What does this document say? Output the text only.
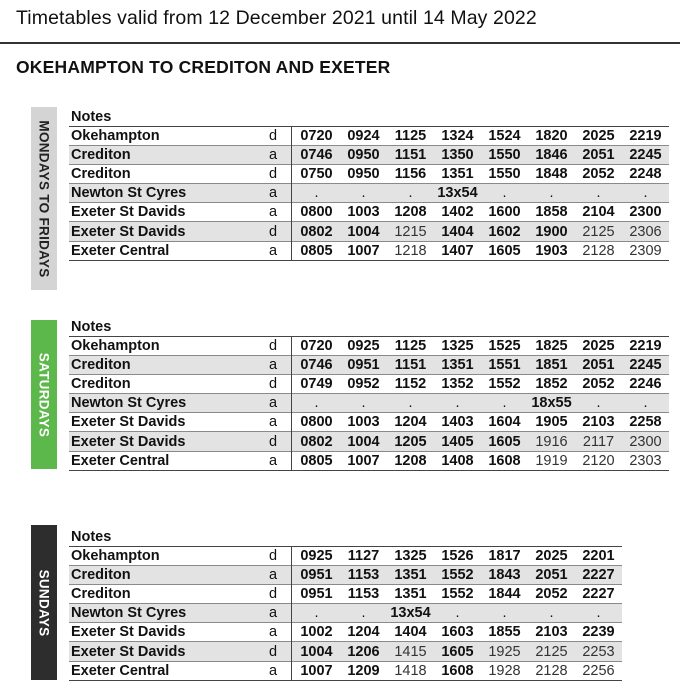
Timetables valid from 12 December 2021 until 14 May 2022
OKEHAMPTON TO CREDITON AND EXETER
MONDAYS TO FRIDAYS
Notes
Okehampton	d		0720	0924	1125	1324	1524	1820	2025	2219
Crediton	a		0746	0950	1151	1350	1550	1846	2051	2245
Crediton	d		0750	0950	1156	1351	1550	1848	2052	2248
Newton St Cyres	a		.	.	.	13x54	.	.	.	.
Exeter St Davids	a		0800	1003	1208	1402	1600	1858	2104	2300
Exeter St Davids	d		0802	1004	1215	1404	1602	1900	2125	2306
Exeter Central	a		0805	1007	1218	1407	1605	1903	2128	2309
SATURDAYS
Notes
Okehampton	d		0720	0925	1125	1325	1525	1825	2025	2219
Crediton	a		0746	0951	1151	1351	1551	1851	2051	2245
Crediton	d		0749	0952	1152	1352	1552	1852	2052	2246
Newton St Cyres	a		.	.	.	.	.	18x55	.	.
Exeter St Davids	a		0800	1003	1204	1403	1604	1905	2103	2258
Exeter St Davids	d		0802	1004	1205	1405	1605	1916	2117	2300
Exeter Central	a		0805	1007	1208	1408	1608	1919	2120	2303
SUNDAYS
Notes
Okehampton	d		0925	1127	1325	1526	1817	2025	2201
Crediton	a		0951	1153	1351	1552	1843	2051	2227
Crediton	d		0951	1153	1351	1552	1844	2052	2227
Newton St Cyres	a		.	.	13x54	.	.	.	.
Exeter St Davids	a		1002	1204	1404	1603	1855	2103	2239
Exeter St Davids	d		1004	1206	1415	1605	1925	2125	2253
Exeter Central	a		1007	1209	1418	1608	1928	2128	2256
